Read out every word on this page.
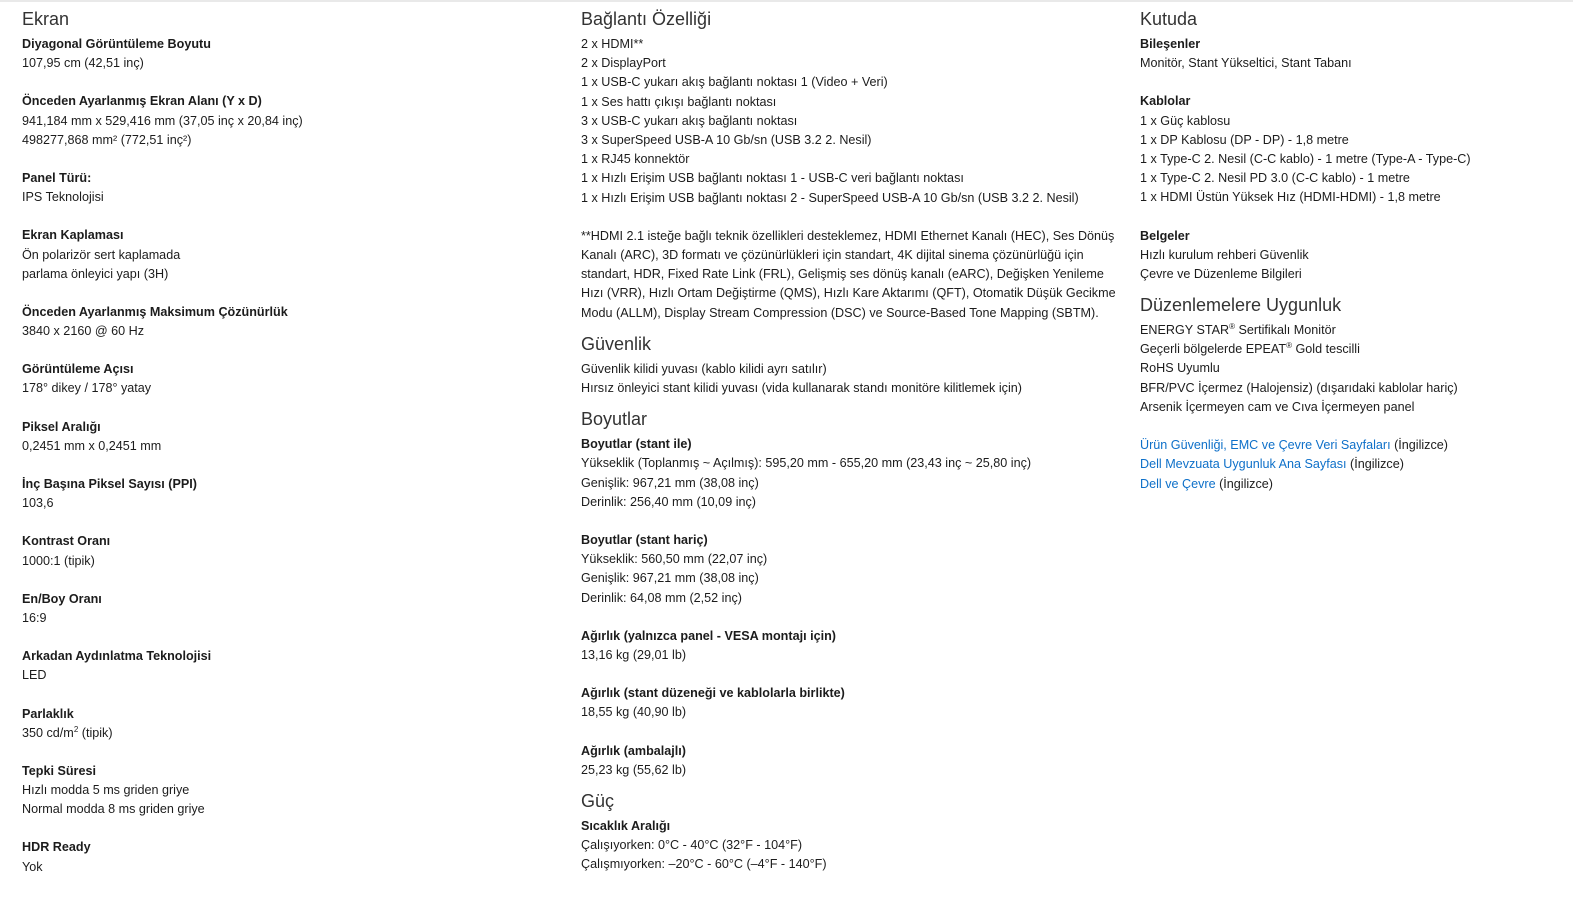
Ekran
Diyagonal Görüntüleme Boyutu
107,95 cm (42,51 inç)
Önceden Ayarlanmış Ekran Alanı (Y x D)
941,184 mm x 529,416 mm (37,05 inç x 20,84 inç)
498277,868 mm² (772,51 inç²)
Panel Türü:
IPS Teknolojisi
Ekran Kaplaması
Ön polarizör sert kaplamada
parlama önleyici yapı (3H)
Önceden Ayarlanmış Maksimum Çözünürlük
3840 x 2160 @ 60 Hz
Görüntüleme Açısı
178° dikey / 178° yatay
Piksel Aralığı
0,2451 mm x 0,2451 mm
İnç Başına Piksel Sayısı (PPI)
103,6
Kontrast Oranı
1000:1 (tipik)
En/Boy Oranı
16:9
Arkadan Aydınlatma Teknolojisi
LED
Parlaklık
350 $cd/m^2$ (tipik)
Tepki Süresi
Hızlı modda 5 ms griden griye
Normal modda 8 ms griden griye
HDR Ready
Yok
Bağlantı Özelliği
2 x HDMI**
2 x DisplayPort
1 x USB-C yukarı akış bağlantı noktası 1 (Video + Veri)
1 x Ses hattı çıkışı bağlantı noktası
3 x USB-C yukarı akış bağlantı noktası
3 x SuperSpeed USB-A 10 Gb/sn (USB 3.2 2. Nesil)
1 x RJ45 konnektör
1 x Hızlı Erişim USB bağlantı noktası 1 - USB-C veri bağlantı noktası
1 x Hızlı Erişim USB bağlantı noktası 2 - SuperSpeed USB-A 10 Gb/sn (USB 3.2 2. Nesil)
**HDMI 2.1 isteğe bağlı teknik özellikleri desteklemez, HDMI Ethernet Kanalı (HEC), Ses Dönüş Kanalı (ARC), 3D formatı ve çözünürlükleri için standart, 4K dijital sinema çözünürlüğü için standart, HDR, Fixed Rate Link (FRL), Gelişmiş ses dönüş kanalı (eARC), Değişken Yenileme Hızı (VRR), Hızlı Ortam Değiştirme (QMS), Hızlı Kare Aktarımı (QFT), Otomatik Düşük Gecikme Modu (ALLM), Display Stream Compression (DSC) ve Source-Based Tone Mapping (SBTM).
Güvenlik
Güvenlik kilidi yuvası (kablo kilidi ayrı satılır)
Hırsız önleyici stant kilidi yuvası (vida kullanarak standı monitöre kilitlemek için)
Boyutlar
Boyutlar (stant ile)
Yükseklik (Toplanmış ~ Açılmış): 595,20 mm - 655,20 mm (23,43 inç ~ 25,80 inç)
Genişlik: 967,21 mm (38,08 inç)
Derinlik: 256,40 mm (10,09 inç)
Boyutlar (stant hariç)
Yükseklik: 560,50 mm (22,07 inç)
Genişlik: 967,21 mm (38,08 inç)
Derinlik: 64,08 mm (2,52 inç)
Ağırlık (yalnızca panel - VESA montajı için)
13,16 kg (29,01 lb)
Ağırlık (stant düzeneği ve kablolarla birlikte)
18,55 kg (40,90 lb)
Ağırlık (ambalajlı)
25,23 kg (55,62 lb)
Güç
Sıcaklık Aralığı
Çalışıyorken: 0°C - 40°C (32°F - 104°F)
Çalışmıyorken: –20°C - 60°C (–4°F - 140°F)
Kutuda
Bileşenler
Monitör, Stant Yükseltici, Stant Tabanı
Kablolar
1 x Güç kablosu
1 x DP Kablosu (DP - DP) - 1,8 metre
1 x Type-C 2. Nesil (C-C kablo) - 1 metre (Type-A - Type-C)
1 x Type-C 2. Nesil PD 3.0 (C-C kablo) - 1 metre
1 x HDMI Üstün Yüksek Hız (HDMI-HDMI) - 1,8 metre
Belgeler
Hızlı kurulum rehberi Güvenlik
Çevre ve Düzenleme Bilgileri
Düzenlemelere Uygunluk
ENERGY STAR® Sertifikalı Monitör
Geçerli bölgelerde EPEAT® Gold tescilli
RoHS Uyumlu
BFR/PVC İçermez (Halojensiz) (dışarıdaki kablolar hariç)
Arsenik İçermeyen cam ve Cıva İçermeyen panel
Ürün Güvenliği, EMC ve Çevre Veri Sayfaları (İngilizce)
Dell Mevzuata Uygunluk Ana Sayfası (İngilizce)
Dell ve Çevre (İngilizce)
